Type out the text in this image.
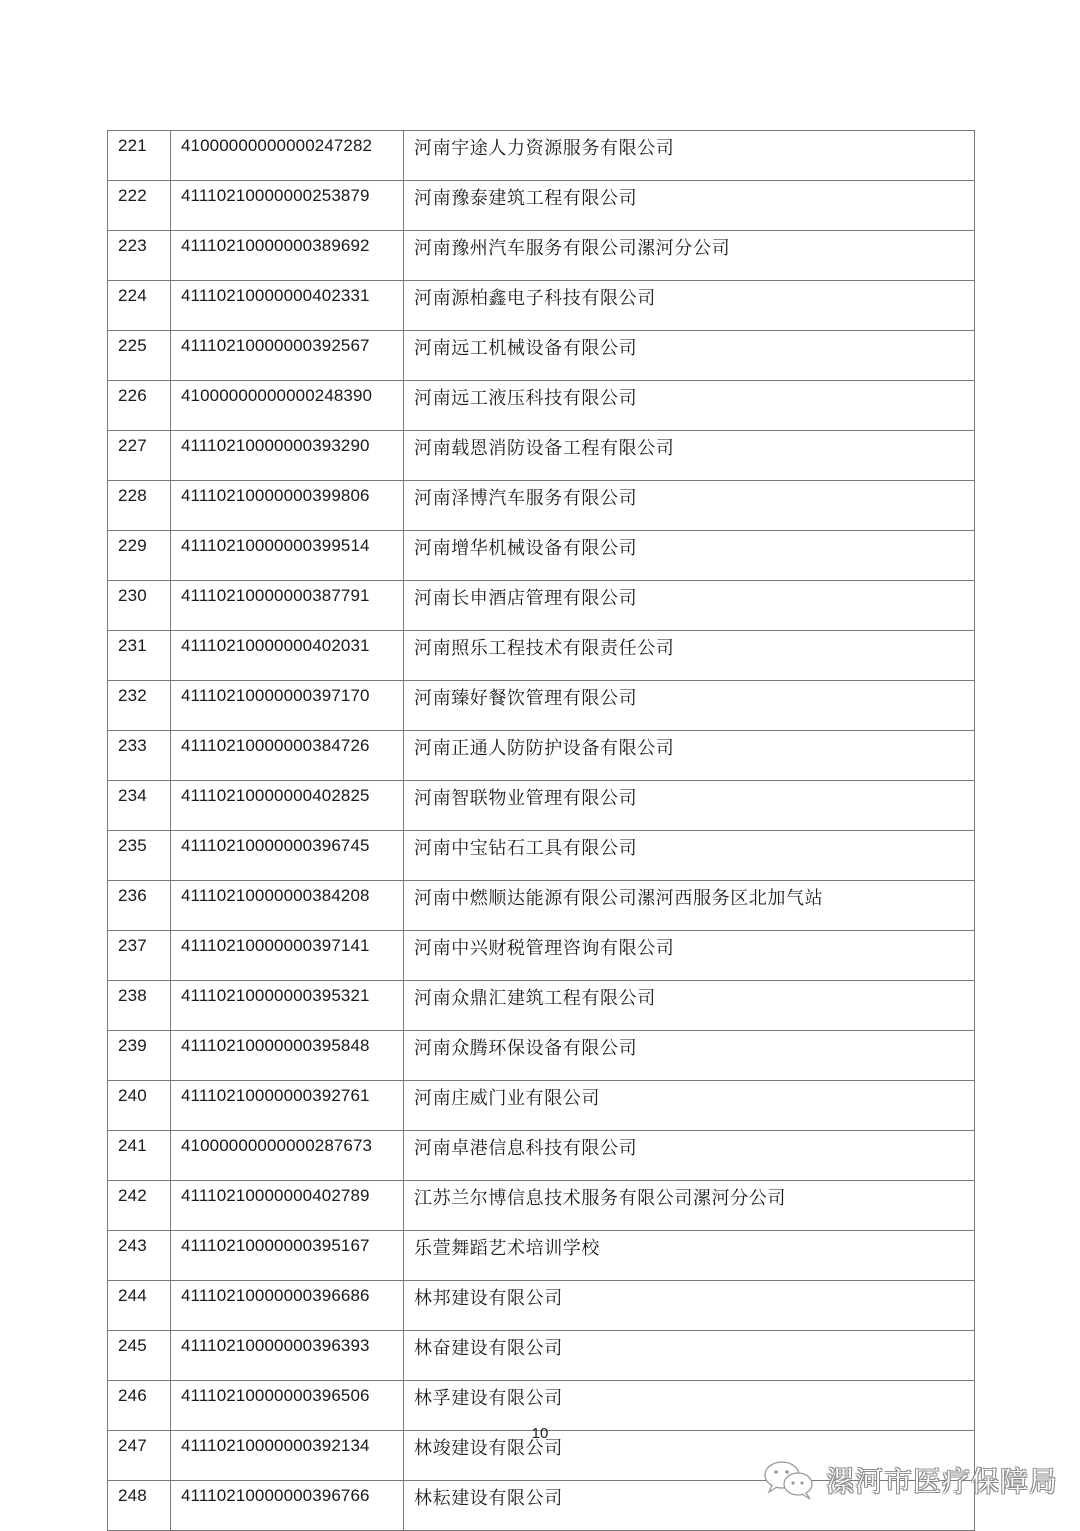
221	41000000000000247282	河南宇途人力资源服务有限公司
222	41110210000000253879	河南豫泰建筑工程有限公司
223	41110210000000389692	河南豫州汽车服务有限公司漯河分公司
224	41110210000000402331	河南源柏鑫电子科技有限公司
225	41110210000000392567	河南远工机械设备有限公司
226	41000000000000248390	河南远工液压科技有限公司
227	41110210000000393290	河南载恩消防设备工程有限公司
228	41110210000000399806	河南泽博汽车服务有限公司
229	41110210000000399514	河南增华机械设备有限公司
230	41110210000000387791	河南长申酒店管理有限公司
231	41110210000000402031	河南照乐工程技术有限责任公司
232	41110210000000397170	河南臻好餐饮管理有限公司
233	41110210000000384726	河南正通人防防护设备有限公司
234	41110210000000402825	河南智联物业管理有限公司
235	41110210000000396745	河南中宝钻石工具有限公司
236	41110210000000384208	河南中燃顺达能源有限公司漯河西服务区北加气站
237	41110210000000397141	河南中兴财税管理咨询有限公司
238	41110210000000395321	河南众鼎汇建筑工程有限公司
239	41110210000000395848	河南众腾环保设备有限公司
240	41110210000000392761	河南庄威门业有限公司
241	41000000000000287673	河南卓港信息科技有限公司
242	41110210000000402789	江苏兰尔博信息技术服务有限公司漯河分公司
243	41110210000000395167	乐萱舞蹈艺术培训学校
244	41110210000000396686	林邦建设有限公司
245	41110210000000396393	林奋建设有限公司
246	41110210000000396506	林孚建设有限公司
247	41110210000000392134	林竣建设有限公司
248	41110210000000396766	林耘建设有限公司
10
漯河市医疗保障局
